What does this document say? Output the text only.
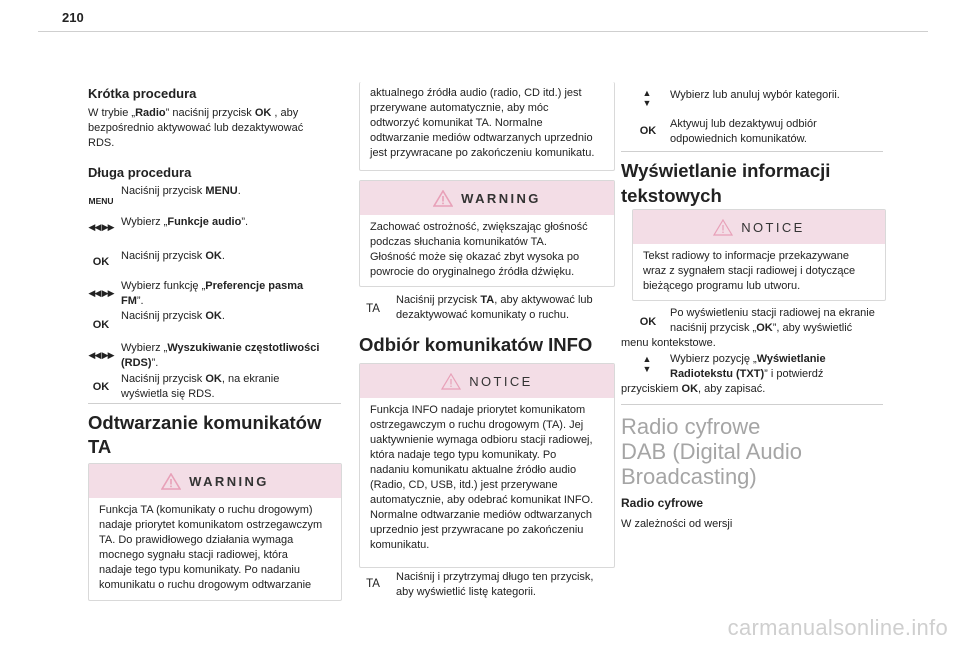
210
Krótka procedura
W trybie „Radio” naciśnij przycisk OK , aby
bezpośrednio aktywować lub dezaktywować
RDS.
Długa procedura
MENU
Naciśnij przycisk MENU.
◀◀ ▶▶ Wybierz „Funkcje audio”.
OK	Naciśnij przycisk OK.
◀◀ ▶▶
Wybierz funkcję „Preferencje pasma
FM”.
OK
Naciśnij przycisk OK.
◀◀ ▶▶
Wybierz „Wyszukiwanie częstotliwości
(RDS)”.
OK
Naciśnij przycisk OK, na ekranie
wyświetla się RDS.
Odtwarzanie komunikatów
TA
WARNING
Funkcja TA (komunikaty o ruchu drogowym)
nadaje priorytet komunikatom ostrzegawczym
TA. Do prawidłowego działania wymaga
mocnego sygnału stacji radiowej, która
nadaje tego typu komunikaty. Po nadaniu
komunikatu o ruchu drogowym odtwarzanie
aktualnego źródła audio (radio, CD itd.) jest
przerywane automatycznie, aby móc
odtworzyć komunikat TA. Normalne
odtwarzanie mediów odtwarzanych uprzednio
jest przywracane po zakończeniu komunikatu.
WARNING
Zachować ostrożność, zwiększając głośność
podczas słuchania komunikatów TA.
Głośność może się okazać zbyt wysoka po
powrocie do oryginalnego źródła dźwięku.
TA
Naciśnij przycisk TA, aby aktywować lub
dezaktywować komunikaty o ruchu.
Odbiór komunikatów INFO
NOTICE
Funkcja INFO nadaje priorytet komunikatom
ostrzegawczym o ruchu drogowym (TA). Jej
uaktywnienie wymaga odbioru stacji radiowej,
która nadaje tego typu komunikaty. Po
nadaniu komunikatu aktualne źródło audio
(Radio, CD, USB, itd.) jest przerywane
automatycznie, aby odebrać komunikat INFO.
Normalne odtwarzanie mediów odtwarzanych
uprzednio jest przywracane po zakończeniu
komunikatu.
TA
Naciśnij i przytrzymaj długo ten przycisk,
aby wyświetlić listę kategorii.
▲
▼
Wybierz lub anuluj wybór kategorii.
OK
Aktywuj lub dezaktywuj odbiór
odpowiednich komunikatów.
Wyświetlanie informacji
tekstowych
NOTICE
Tekst radiowy to informacje przekazywane
wraz z sygnałem stacji radiowej i dotyczące
bieżącego programu lub utworu.
OK
Po wyświetleniu stacji radiowej na ekranie
naciśnij przycisk „OK”, aby wyświetlić
menu kontekstowe.
▲
▼
Wybierz pozycję „Wyświetlanie
Radiotekstu (TXT)” i potwierdź
przyciskiem OK, aby zapisać.
Radio cyfrowe
DAB (Digital Audio
Broadcasting)
Radio cyfrowe
W zależności od wersji
carmanualsonline.info
